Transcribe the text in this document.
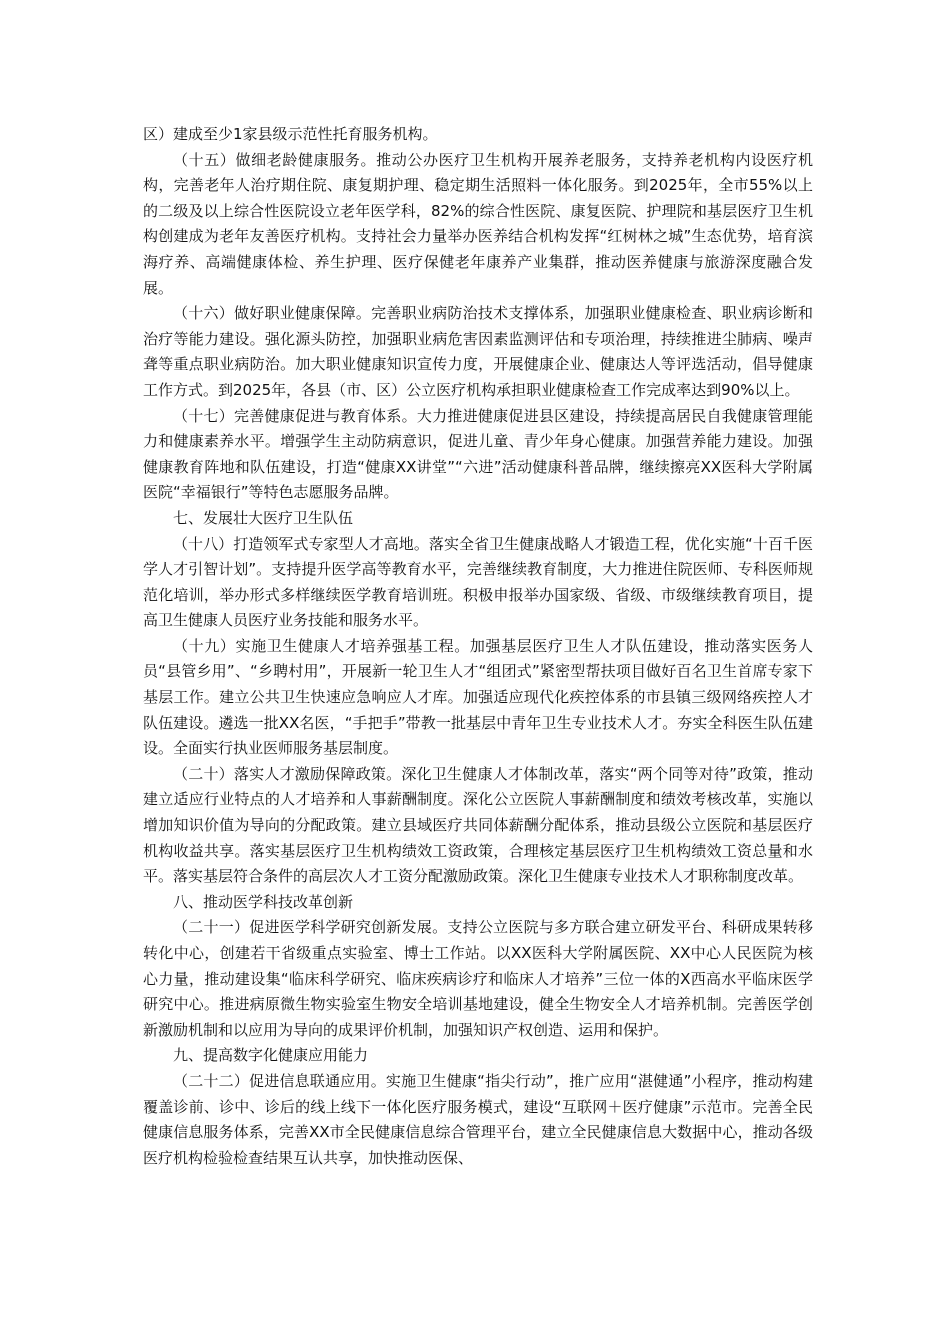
区）建成至少1家县级示范性托育服务机构。

（十五）做细老龄健康服务。推动公办医疗卫生机构开展养老服务，支持养老机构内设医疗机构，完善老年人治疗期住院、康复期护理、稳定期生活照料一体化服务。到2025年，全市55%以上的二级及以上综合性医院设立老年医学科，82%的综合性医院、康复医院、护理院和基层医疗卫生机构创建成为老年友善医疗机构。支持社会力量举办医养结合机构发挥“红树林之城”生态优势，培育滨海疗养、高端健康体检、养生护理、医疗保健老年康养产业集群，推动医养健康与旅游深度融合发展。

（十六）做好职业健康保障。完善职业病防治技术支撑体系，加强职业健康检查、职业病诊断和治疗等能力建设。强化源头防控，加强职业病危害因素监测评估和专项治理，持续推进尘肺病、噪声聋等重点职业病防治。加大职业健康知识宣传力度，开展健康企业、健康达人等评选活动，倡导健康工作方式。到2025年，各县（市、区）公立医疗机构承担职业健康检查工作完成率达到90%以上。

（十七）完善健康促进与教育体系。大力推进健康促进县区建设，持续提高居民自我健康管理能力和健康素养水平。增强学生主动防病意识，促进儿童、青少年身心健康。加强营养能力建设。加强健康教育阵地和队伍建设，打造“健康XX讲堂”“六进”活动健康科普品牌，继续擦亮XX医科大学附属医院“幸福银行”等特色志愿服务品牌。

七、发展壮大医疗卫生队伍

（十八）打造领军式专家型人才高地。落实全省卫生健康战略人才锻造工程，优化实施“十百千医学人才引智计划”。支持提升医学高等教育水平，完善继续教育制度，大力推进住院医师、专科医师规范化培训，举办形式多样继续医学教育培训班。积极申报举办国家级、省级、市级继续教育项目，提高卫生健康人员医疗业务技能和服务水平。

（十九）实施卫生健康人才培养强基工程。加强基层医疗卫生人才队伍建设，推动落实医务人员“县管乡用”、“乡聘村用”，开展新一轮卫生人才“组团式”紧密型帮扶项目做好百名卫生首席专家下基层工作。建立公共卫生快速应急响应人才库。加强适应现代化疾控体系的市县镇三级网络疾控人才队伍建设。遴选一批XX名医，“手把手”带教一批基层中青年卫生专业技术人才。夯实全科医生队伍建设。全面实行执业医师服务基层制度。

（二十）落实人才激励保障政策。深化卫生健康人才体制改革，落实“两个同等对待”政策，推动建立适应行业特点的人才培养和人事薪酬制度。深化公立医院人事薪酬制度和绩效考核改革，实施以增加知识价值为导向的分配政策。建立县域医疗共同体薪酬分配体系，推动县级公立医院和基层医疗机构收益共享。落实基层医疗卫生机构绩效工资政策，合理核定基层医疗卫生机构绩效工资总量和水平。落实基层符合条件的高层次人才工资分配激励政策。深化卫生健康专业技术人才职称制度改革。

八、推动医学科技改革创新

（二十一）促进医学科学研究创新发展。支持公立医院与多方联合建立研发平台、科研成果转移转化中心，创建若干省级重点实验室、博士工作站。以XX医科大学附属医院、XX中心人民医院为核心力量，推动建设集“临床科学研究、临床疾病诊疗和临床人才培养”三位一体的X西高水平临床医学研究中心。推进病原微生物实验室生物安全培训基地建设，健全生物安全人才培养机制。完善医学创新激励机制和以应用为导向的成果评价机制，加强知识产权创造、运用和保护。

九、提高数字化健康应用能力

（二十二）促进信息联通应用。实施卫生健康“指尖行动”，推广应用“湛健通”小程序，推动构建覆盖诊前、诊中、诊后的线上线下一体化医疗服务模式，建设“互联网＋医疗健康”示范市。完善全民健康信息服务体系，完善XX市全民健康信息综合管理平台，建立全民健康信息大数据中心，推动各级医疗机构检验检查结果互认共享，加快推动医保、
